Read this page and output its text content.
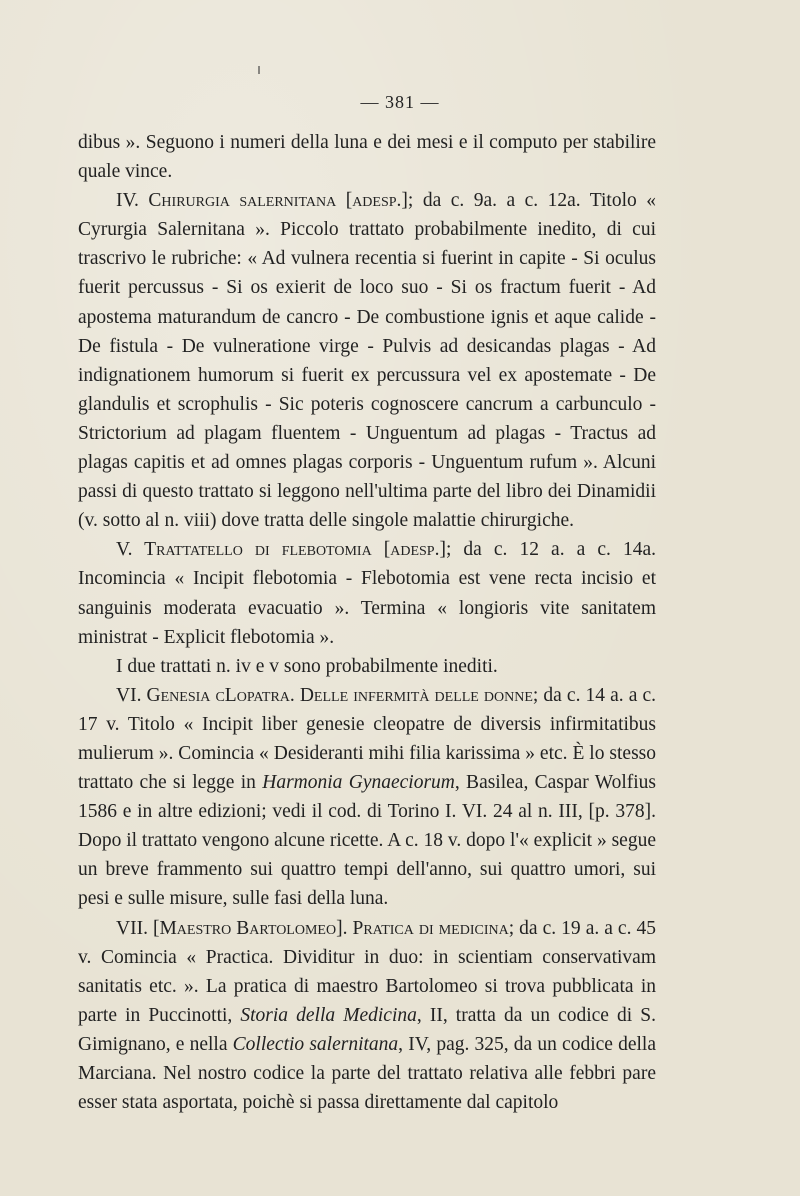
— 381 —

dibus ». Seguono i numeri della luna e dei mesi e il computo per stabilire quale vince.

IV. Chirurgia salernitana [adesp.]; da c. 9a. a c. 12a. Titolo « Cyrurgia Salernitana ». Piccolo trattato probabilmente inedito, di cui trascrivo le rubriche: « Ad vulnera recentia si fuerint in capite - Si oculus fuerit percussus - Si os exierit de loco suo - Si os fractum fuerit - Ad apostema maturandum de cancro - De combustione ignis et aque calide - De fistula - De vulneratione virge - Pulvis ad desicandas plagas - Ad indignationem humorum si fuerit ex percussura vel ex apostemate - De glandulis et scrophulis - Sic poteris cognoscere cancrum a carbunculo - Strictorium ad plagam fluentem - Unguentum ad plagas - Tractus ad plagas capitis et ad omnes plagas corporis - Unguentum rufum ». Alcuni passi di questo trattato si leggono nell'ultima parte del libro dei Dinamidii (v. sotto al n. viii) dove tratta delle singole malattie chirurgiche.

V. Trattatello di flebotomia [adesp.]; da c. 12 a. a c. 14a. Incomincia « Incipit flebotomia - Flebotomia est vene recta incisio et sanguinis moderata evacuatio ». Termina « longioris vite sanitatem ministrat - Explicit flebotomia ».

I due trattati n. iv e v sono probabilmente inediti.

VI. Genesia cLopatra. Delle infermità delle donne; da c. 14 a. a c. 17 v. Titolo « Incipit liber genesie cleopatre de diversis infirmitatibus mulierum ». Comincia « Desideranti mihi filia karissima » etc. È lo stesso trattato che si legge in Harmonia Gynaeciorum, Basilea, Caspar Wolfius 1586 e in altre edizioni; vedi il cod. di Torino I. VI. 24 al n. III, [p. 378]. Dopo il trattato vengono alcune ricette. A c. 18 v. dopo l'« explicit » segue un breve frammento sui quattro tempi dell'anno, sui quattro umori, sui pesi e sulle misure, sulle fasi della luna.

VII. [Maestro Bartolomeo]. Pratica di medicina; da c. 19 a. a c. 45 v. Comincia « Practica. Dividitur in duo: in scientiam conservativam sanitatis etc. ». La pratica di maestro Bartolomeo si trova pubblicata in parte in Puccinotti, Storia della Medicina, II, tratta da un codice di S. Gimignano, e nella Collectio salernitana, IV, pag. 325, da un codice della Marciana. Nel nostro codice la parte del trattato relativa alle febbri pare esser stata asportata, poichè si passa direttamente dal capitolo
